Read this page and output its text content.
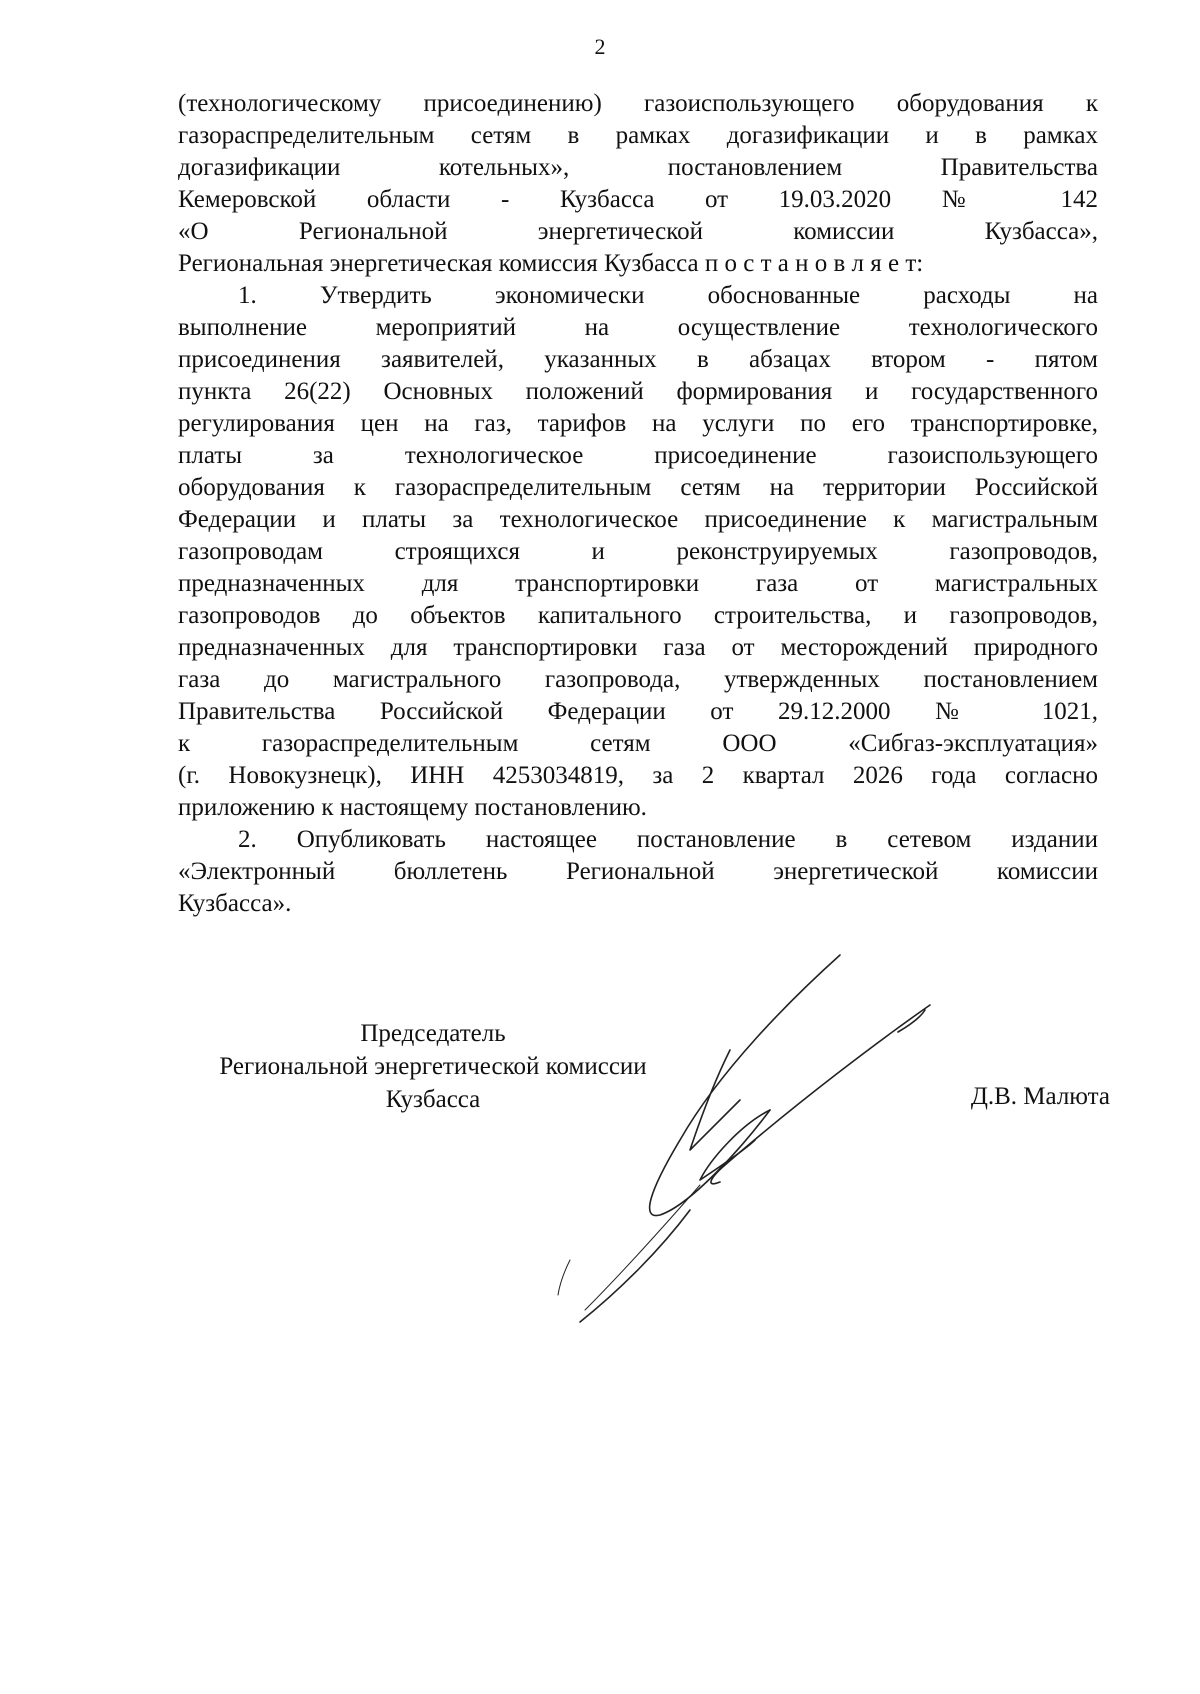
2
(технологическому присоединению) газоиспользующего оборудования к
газораспределительным сетям в рамках догазификации и в рамках
догазификации котельных», постановлением Правительства
Кемеровской области - Кузбасса от 19.03.2020 № 142
«О Региональной энергетической комиссии Кузбасса»,
Региональная энергетическая комиссия Кузбасса п о с т а н о в л я е т:
1. Утвердить экономически обоснованные расходы на
выполнение мероприятий на осуществление технологического
присоединения заявителей, указанных в абзацах втором - пятом
пункта 26(22) Основных положений формирования и государственного
регулирования цен на газ, тарифов на услуги по его транспортировке,
платы за технологическое присоединение газоиспользующего
оборудования к газораспределительным сетям на территории Российской
Федерации и платы за технологическое присоединение к магистральным
газопроводам строящихся и реконструируемых газопроводов,
предназначенных для транспортировки газа от магистральных
газопроводов до объектов капитального строительства, и газопроводов,
предназначенных для транспортировки газа от месторождений природного
газа до магистрального газопровода, утвержденных постановлением
Правительства Российской Федерации от 29.12.2000 № 1021,
к газораспределительным сетям ООО «Сибгаз-эксплуатация»
(г. Новокузнецк), ИНН 4253034819, за 2 квартал 2026 года согласно
приложению к настоящему постановлению.
2. Опубликовать настоящее постановление в сетевом издании
«Электронный бюллетень Региональной энергетической комиссии
Кузбасса».
Председатель
Региональной энергетической комиссии
Кузбасса	Д.В. Малюта
